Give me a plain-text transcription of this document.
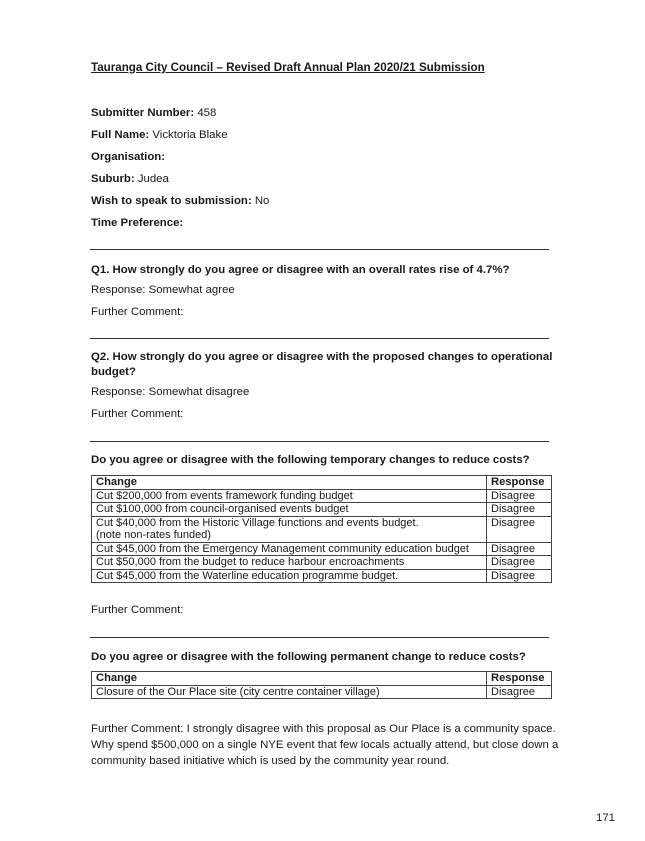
Tauranga City Council – Revised Draft Annual Plan 2020/21 Submission
Submitter Number: 458
Full Name: Vicktoria Blake
Organisation:
Suburb: Judea
Wish to speak to submission: No
Time Preference:
Q1. How strongly do you agree or disagree with an overall rates rise of 4.7%?
Response: Somewhat agree
Further Comment:
Q2. How strongly do you agree or disagree with the proposed changes to operational budget?
Response: Somewhat disagree
Further Comment:
Do you agree or disagree with the following temporary changes to reduce costs?
Change	Response
Cut $200,000 from events framework funding budget	Disagree
Cut $100,000 from council-organised events budget	Disagree

Cut $40,000 from the Historic Village functions and events budget.
(note non-rates funded)	Disagree
Cut $45,000 from the Emergency Management community education budget	Disagree
Cut $50,000 from the budget to reduce harbour encroachments	Disagree
Cut $45,000 from the Waterline education programme budget.	Disagree
Further Comment:
Do you agree or disagree with the following permanent change to reduce costs?
Change	Response
Closure of the Our Place site (city centre container village)	Disagree
Further Comment: I strongly disagree with this proposal as Our Place is a community space. Why spend $500,000 on a single NYE event that few locals actually attend, but close down a community based initiative which is used by the community year round.
171
